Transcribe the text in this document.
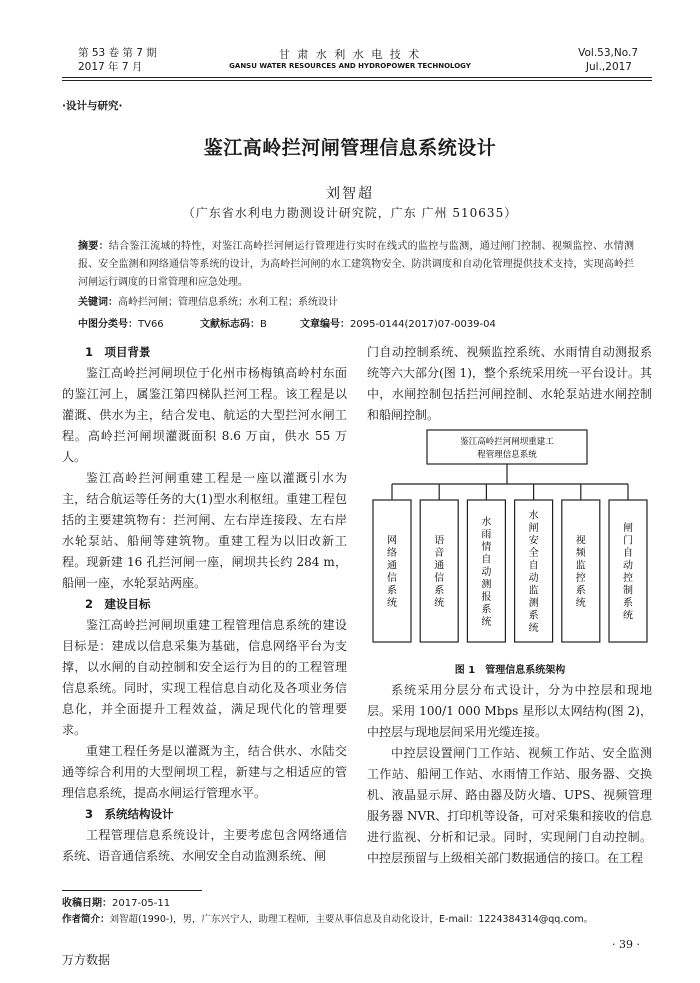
第 53 卷 第 7 期
2017 年 7 月
甘 肃 水 利 水 电 技 术
GANSU WATER RESOURCES AND HYDROPOWER TECHNOLOGY
Vol.53,No.7
Jul.,2017
·设计与研究·
鉴江高岭拦河闸管理信息系统设计
刘智超
（广东省水利电力勘测设计研究院，广东 广州 510635）
摘要：结合鉴江流域的特性，对鉴江高岭拦河闸运行管理进行实时在线式的监控与监测，通过闸门控制、视频监控、水情测报、安全监测和网络通信等系统的设计，为高岭拦河闸的水工建筑物安全、防洪调度和自动化管理提供技术支持，实现高岭拦河闸运行调度的日常管理和应急处理。
关键词：高岭拦河闸；管理信息系统；水利工程；系统设计
中图分类号：TV66	文献标志码：B	文章编号：2095-0144(2017)07-0039-04

1　项目背景

鉴江高岭拦河闸坝位于化州市杨梅镇高岭村东面的鉴江河上，属鉴江第四梯队拦河工程。该工程是以灌溉、供水为主，结合发电、航运的大型拦河水闸工程。高岭拦河闸坝灌溉面积 8.6 万亩，供水 55 万人。

鉴江高岭拦河闸重建工程是一座以灌溉引水为主，结合航运等任务的大(1)型水利枢纽。重建工程包括的主要建筑物有：拦河闸、左右岸连接段、左右岸水轮泵站、船闸等建筑物。重建工程为以旧改新工程。现新建 16 孔拦河闸一座，闸坝共长约 284 m，船闸一座，水轮泵站两座。

2　建设目标

鉴江高岭拦河闸坝重建工程管理信息系统的建设目标是：建成以信息采集为基础，信息网络平台为支撑，以水闸的自动控制和安全运行为目的的工程管理信息系统。同时，实现工程信息自动化及各项业务信息化，并全面提升工程效益，满足现代化的管理要求。

重建工程任务是以灌溉为主，结合供水、水陆交通等综合利用的大型闸坝工程，新建与之相适应的管理信息系统，提高水闸运行管理水平。

3　系统结构设计

工程管理信息系统设计，主要考虑包含网络通信系统、语音通信系统、水闸安全自动监测系统、闸

门自动控制系统、视频监控系统、水雨情自动测报系统等六大部分(图 1)，整个系统采用统一平台设计。其中，水闸控制包括拦河闸控制、水轮泵站进水闸控制和船闸控制。

鉴江高岭拦河闸坝重建工
程管理信息系统
网络通信系统
语音通信系统
水雨情自动测报系统
水闸安全自动监测系统
视频监控系统
闸门自动控制系统
图 1　管理信息系统架构

系统采用分层分布式设计，分为中控层和现地层。采用 100/1 000 Mbps 星形以太网结构(图 2)，中控层与现地层间采用光缆连接。

中控层设置闸门工作站、视频工作站、安全监测工作站、船闸工作站、水雨情工作站、服务器、交换机、液晶显示屏、路由器及防火墙、UPS、视频管理服务器 NVR、打印机等设备，可对采集和接收的信息进行监视、分析和记录。同时，实现闸门自动控制。中控层预留与上级相关部门数据通信的接口。在工程

收稿日期：2017-05-11
作者简介：刘智超(1990-)，男，广东兴宁人，助理工程师，主要从事信息及自动化设计，E-mail：1224384314@qq.com。
· 39 ·
万方数据
